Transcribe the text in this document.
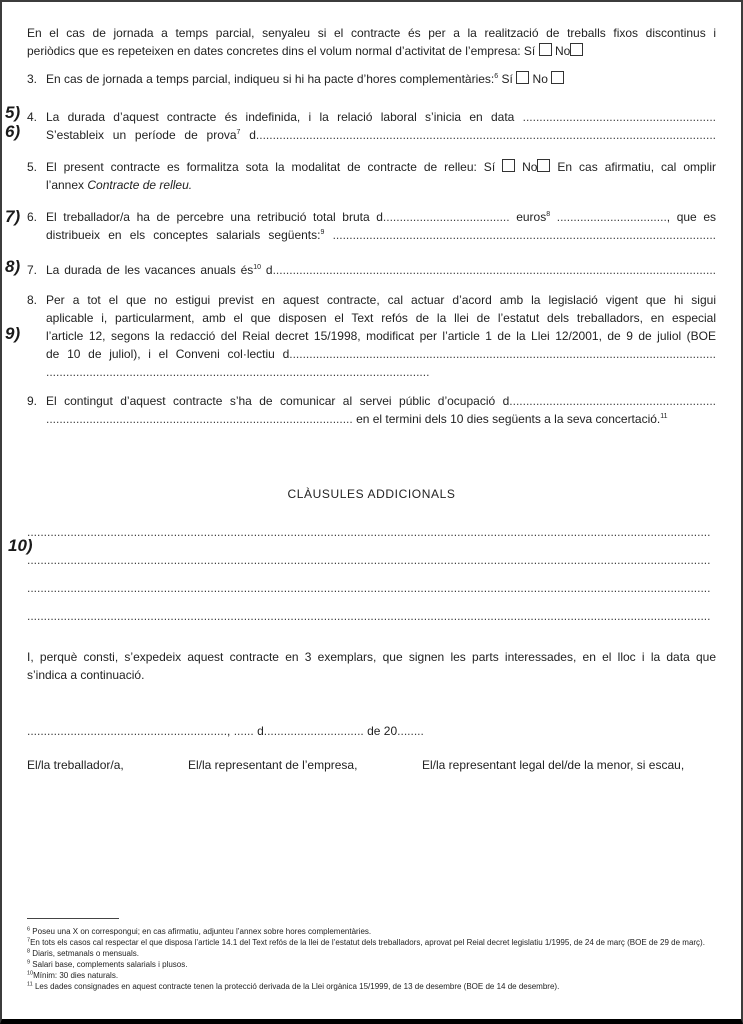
En el cas de jornada a temps parcial, senyaleu si el contracte és per a la realització de treballs fixos discontinus i
periòdics que es repeteixen en dates concretes dins el volum normal d’activitat de l’empresa: Sí  No
3. En cas de jornada a temps parcial, indiqueu si hi ha pacte d’hores complementàries:$^6$ Sí  No
5)
6)
4. La durada d’aquest contracte és indefinida, i la relació laboral s’inicia en data ..........................................................
S’estableix un període de prova$^7$ d..........................................................................................................................................
5. El present contracte es formalitza sota la modalitat de contracte de relleu: Sí  No En cas afirmatiu, cal omplir
l’annex Contracte de relleu.
7) 6. El treballador/a ha de percebre una retribució total bruta d...................................... euros$^8$ ................................., que es
distribueix en els conceptes salarials següents:$^9$ ...................................................................................................................
8) 7. La durada de les vacances anuals $és^{10}$ d.....................................................................................................................................
9)
8. Per a tot el que no estigui previst en aquest contracte, cal actuar d’acord amb la legislació vigent que hi sigui
aplicable i, particularment, amb el que disposen el Text refós de la llei de l’estatut dels treballadors, en especial
l’article 12, segons la redacció del Reial decret 15/1998, modificat per l’article 1 de la Llei 12/2001, de 9 de juliol (BOE
de 10 de juliol), i el Conveni col·lectiu d................................................................................................................................
...................................................................................................................
9. El contingut d’aquest contracte s’ha de comunicar al servei públic d’ocupació d..............................................................
............................................................................................ en el termini dels 10 dies següents a la seva concertació.$^{11}$
CLÀUSULES ADDICIONALS
10)
.............................................................................................................................................................................................................
.............................................................................................................................................................................................................
.............................................................................................................................................................................................................
.............................................................................................................................................................................................................
I, perquè consti, s’expedeix aquest contracte en 3 exemplars, que signen les parts interessades, en el lloc i la data que
s’indica a continuació.
............................................................, ...... d.............................. de 20........
El/la treballador/a,	El/la representant de l’empresa,	El/la representant legal del/de la menor, si escau,
$^6$ Poseu una X on correspongui; en cas afirmatiu, adjunteu l’annex sobre hores complementàries.
$^7$En tots els casos cal respectar el que disposa l’article 14.1 del Text refós de la llei de l’estatut dels treballadors, aprovat pel Reial decret legislatiu 1/1995, de 24 de març (BOE de 29 de març).
$^8$ Diaris, setmanals o mensuals.
$^9$ Salari base, complements salarials i plusos.
$^{10}$Mínim: 30 dies naturals.
$^{11}$ Les dades consignades en aquest contracte tenen la protecció derivada de la Llei orgànica 15/1999, de 13 de desembre (BOE de 14 de desembre).
